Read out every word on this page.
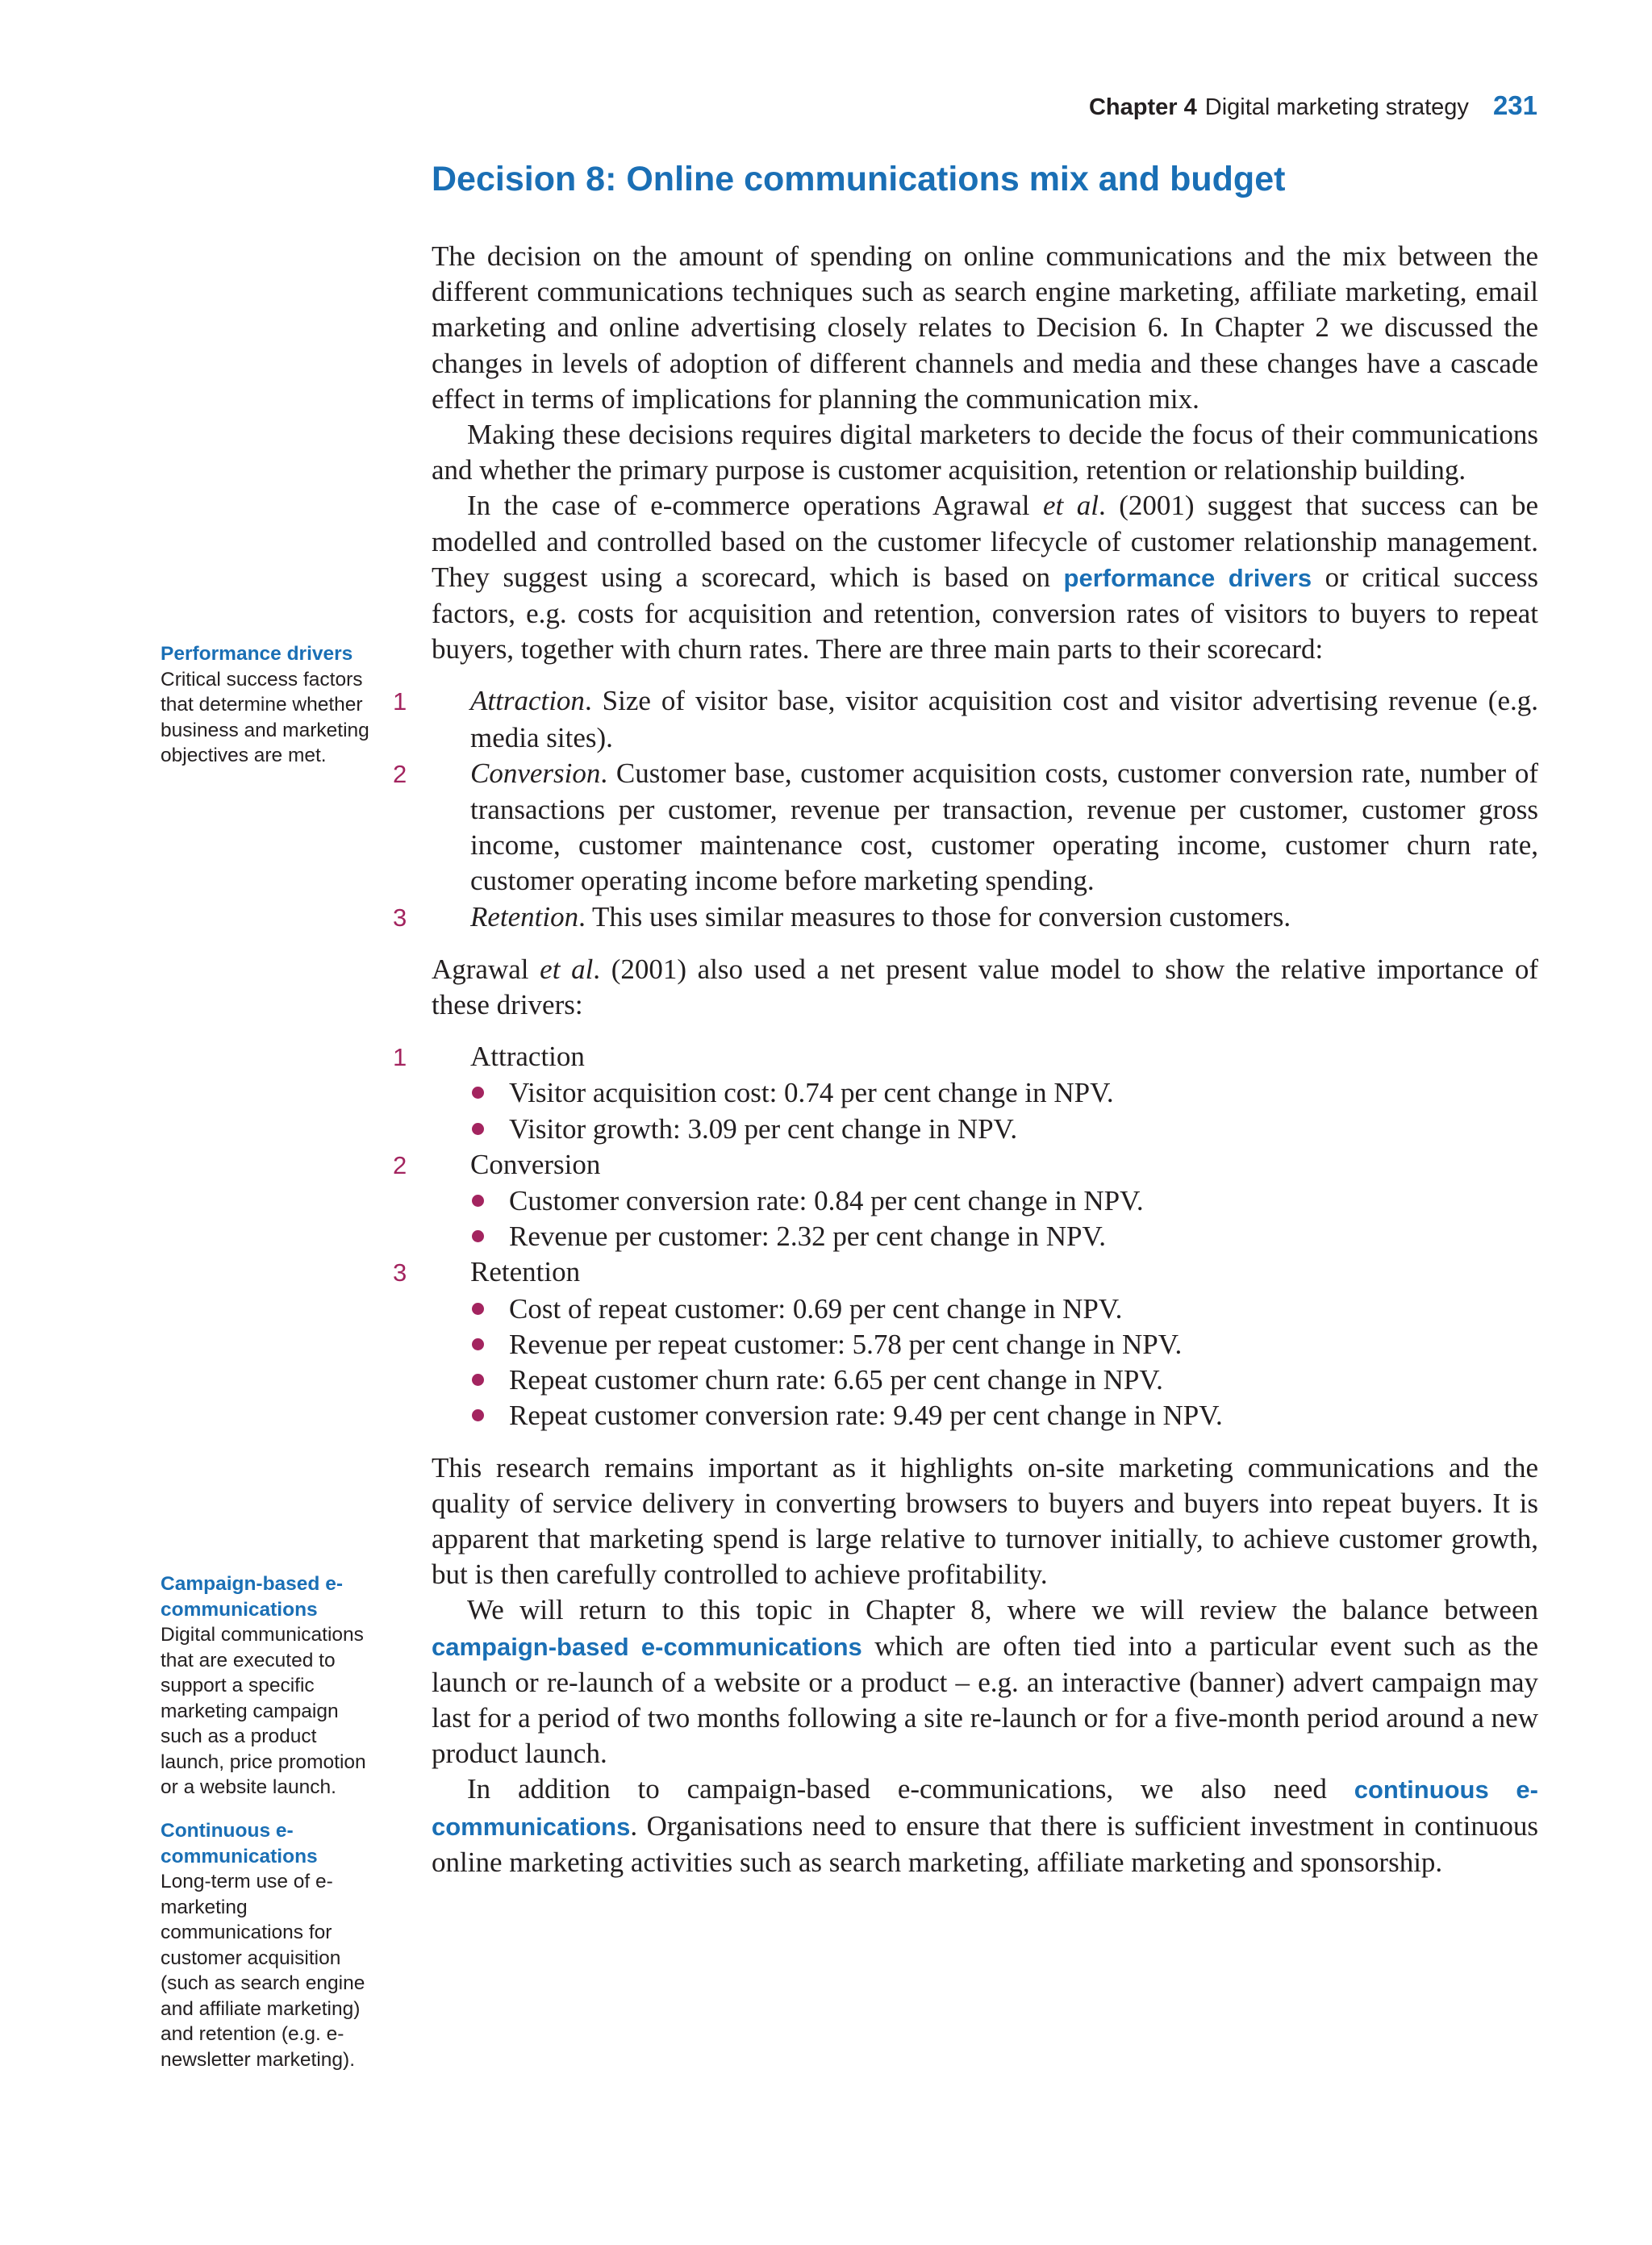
Chapter 4 Digital marketing strategy 231
Decision 8: Online communications mix and budget
Performance drivers
Critical success factors that determine whether business and marketing objectives are met.
Campaign-based e-communications
Digital communications that are executed to support a specific marketing campaign such as a product launch, price promotion or a website launch.
Continuous e-communications
Long-term use of e-marketing communications for customer acquisition (such as search engine and affiliate marketing) and retention (e.g. e-newsletter marketing).

The decision on the amount of spending on online communications and the mix between the different communications techniques such as search engine marketing, affiliate marketing, email marketing and online advertising closely relates to Decision 6. In Chapter 2 we discussed the changes in levels of adoption of different channels and media and these changes have a cascade effect in terms of implications for planning the communication mix.

Making these decisions requires digital marketers to decide the focus of their communications and whether the primary purpose is customer acquisition, retention or relationship building.

In the case of e-commerce operations Agrawal et al. (2001) suggest that success can be modelled and controlled based on the customer lifecycle of customer relationship management. They suggest using a scorecard, which is based on performance drivers or critical success factors, e.g. costs for acquisition and retention, conversion rates of visitors to buyers to repeat buyers, together with churn rates. There are three main parts to their scorecard:

1 Attraction. Size of visitor base, visitor acquisition cost and visitor advertising revenue (e.g. media sites).
2 Conversion. Customer base, customer acquisition costs, customer conversion rate, number of transactions per customer, revenue per transaction, revenue per customer, customer gross income, customer maintenance cost, customer operating income, customer churn rate, customer operating income before marketing spending.
3 Retention. This uses similar measures to those for conversion customers.

Agrawal et al. (2001) also used a net present value model to show the relative importance of these drivers:

1 Attraction
Visitor acquisition cost: 0.74 per cent change in NPV.
Visitor growth: 3.09 per cent change in NPV.
2 Conversion
Customer conversion rate: 0.84 per cent change in NPV.
Revenue per customer: 2.32 per cent change in NPV.
3 Retention
Cost of repeat customer: 0.69 per cent change in NPV.
Revenue per repeat customer: 5.78 per cent change in NPV.
Repeat customer churn rate: 6.65 per cent change in NPV.
Repeat customer conversion rate: 9.49 per cent change in NPV.

This research remains important as it highlights on-site marketing communications and the quality of service delivery in converting browsers to buyers and buyers into repeat buyers. It is apparent that marketing spend is large relative to turnover initially, to achieve customer growth, but is then carefully controlled to achieve profitability.

We will return to this topic in Chapter 8, where we will review the balance between campaign-based e-communications which are often tied into a particular event such as the launch or re-launch of a website or a product – e.g. an interactive (banner) advert campaign may last for a period of two months following a site re-launch or for a five-month period around a new product launch.

In addition to campaign-based e-communications, we also need continuous e-communications. Organisations need to ensure that there is sufficient investment in continuous online marketing activities such as search marketing, affiliate marketing and sponsorship.
